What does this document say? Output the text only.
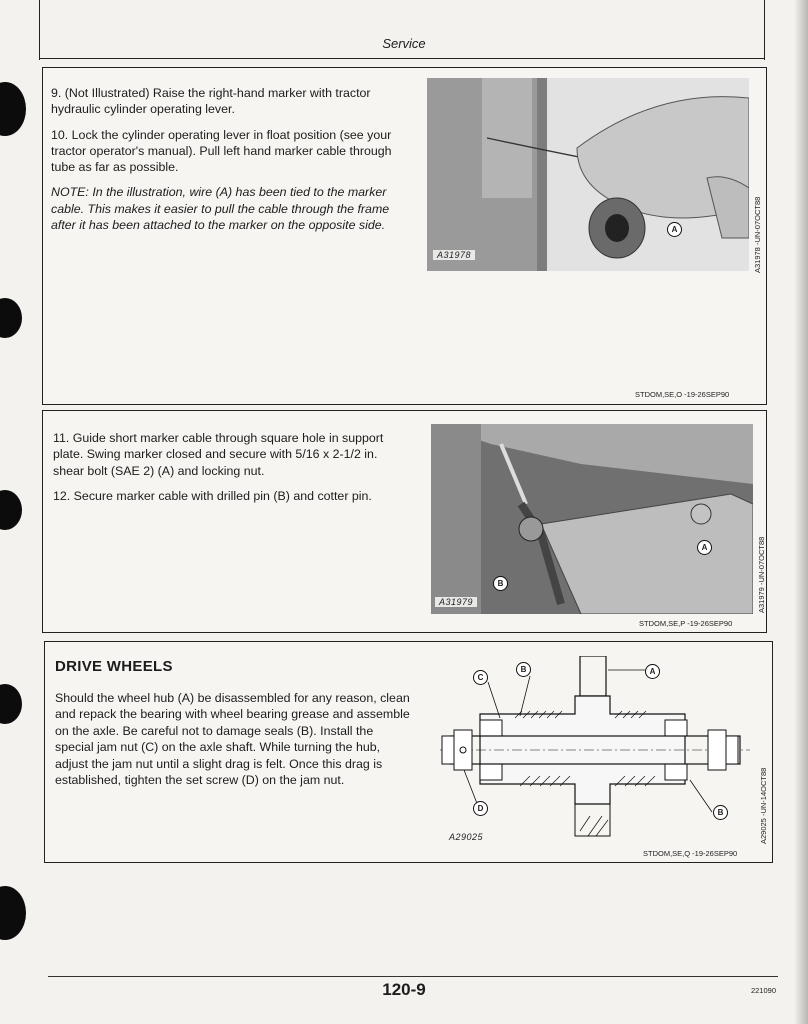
Service

9. (Not Illustrated) Raise the right-hand marker with tractor hydraulic cylinder operating lever.

10. Lock the cylinder operating lever in float position (see your tractor operator's manual). Pull left hand marker cable through tube as far as possible.

NOTE: In the illustration, wire (A) has been tied to the marker cable. This makes it easier to pull the cable through the frame after it has been attached to the marker on the opposite side.	A
A31978	A31978 -UN-07OCT88
STDOM,SE,O -19-26SEP90

11. Guide short marker cable through square hole in support plate. Swing marker closed and secure with 5/16 x 2-1/2 in. shear bolt (SAE 2) (A) and locking nut.

12. Secure marker cable with drilled pin (B) and cotter pin.

A
B
A31979	A31979 -UN-07OCT88
STDOM,SE,P -19-26SEP90
DRIVE WHEELS
Should the wheel hub (A) be disassembled for any reason, clean and repack the bearing with wheel bearing grease and assemble on the axle. Be careful not to damage seals (B). Install the special jam nut (C) on the axle shaft. While turning the hub, adjust the jam nut until a slight drag is felt. Once this drag is established, tighten the set screw (D) on the jam nut.
C
B	A
D	B
A29025	A29025 -UN-14OCT88
STDOM,SE,Q -19-26SEP90
120-9	221090
